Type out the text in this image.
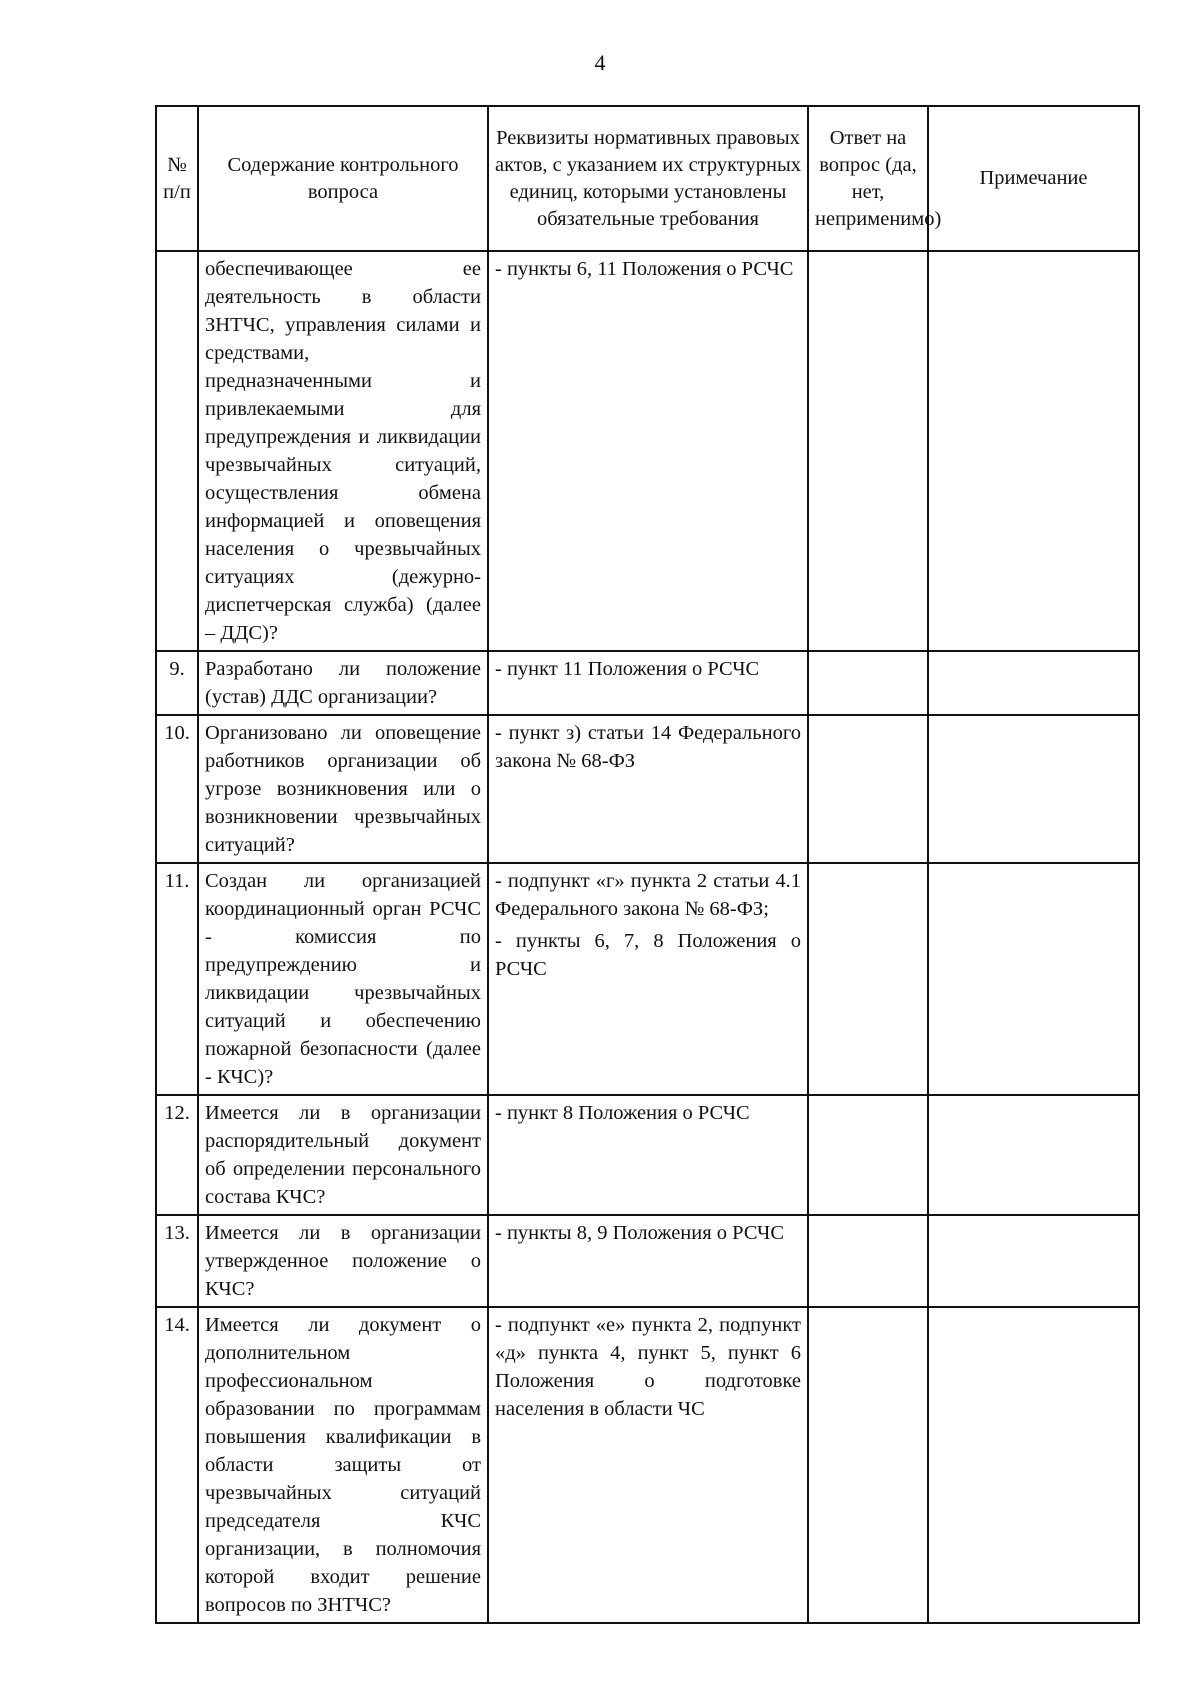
4
№ п/п	Содержание контрольного вопроса	Реквизиты нормативных правовых актов, с указанием их структурных единиц, которыми установлены обязательные требования	Ответ на вопрос (да, нет, неприменимо)	Примечание
	обеспечивающее ее деятельность в области ЗНТЧС, управления силами и средствами, предназначенными и привлекаемыми для предупреждения и ликвидации чрезвычайных ситуаций, осуществления обмена информацией и оповещения населения о чрезвычайных ситуациях (дежурно-диспетчерская служба) (далее – ДДС)?	- пункты 6, 11 Положения о РСЧС		
9.	Разработано ли положение (устав) ДДС организации?	- пункт 11 Положения о РСЧС		
10.	Организовано ли оповещение работников организации об угрозе возникновения или о возникновении чрезвычайных ситуаций?	- пункт з) статьи 14 Федерального закона № 68-ФЗ		
11.	Создан ли организацией координационный орган РСЧС - комиссия по предупреждению и ликвидации чрезвычайных ситуаций и обеспечению пожарной безопасности (далее - КЧС)?	- подпункт «г» пункта 2 статьи 4.1 Федерального закона № 68-ФЗ;
- пункты 6, 7, 8 Положения о РСЧС		
12.	Имеется ли в организации распорядительный документ об определении персонального состава КЧС?	- пункт 8 Положения о РСЧС		
13.	Имеется ли в организации утвержденное положение о КЧС?	- пункты 8, 9 Положения о РСЧС		
14.	Имеется ли документ о дополнительном профессиональном образовании по программам повышения квалификации в области защиты от чрезвычайных ситуаций председателя КЧС организации, в полномочия которой входит решение вопросов по ЗНТЧС?	- подпункт «е» пункта 2, подпункт «д» пункта 4, пункт 5, пункт 6 Положения о подготовке населения в области ЧС		
